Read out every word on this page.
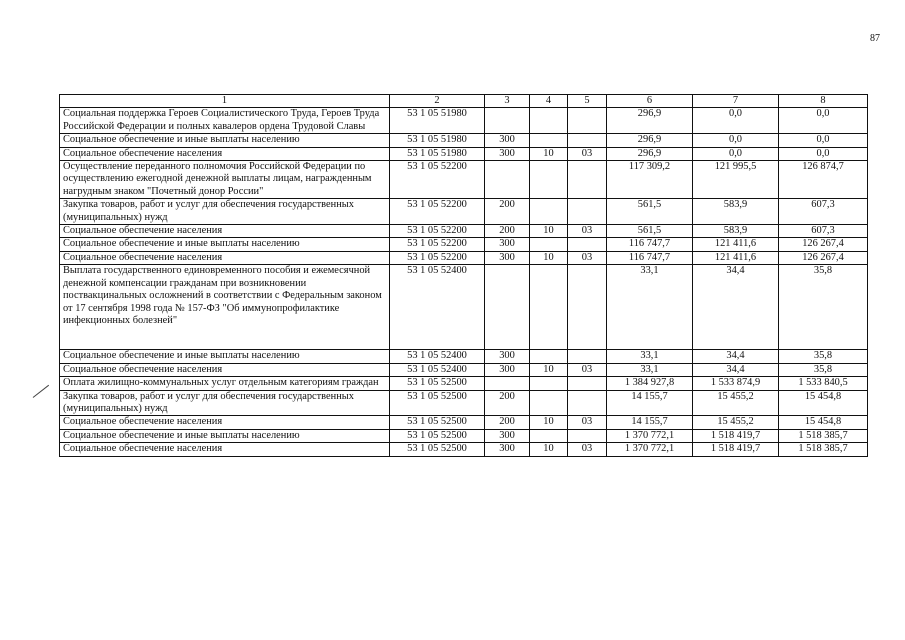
87
1	2	3	4	5	6	7	8
Социальная поддержка Героев Социалистического Труда, Героев Труда Российской Федерации и полных кавалеров ордена Трудовой Славы	53 1 05 51980				296,9	0,0	0,0
Социальное обеспечение и иные выплаты населению	53 1 05 51980	300			296,9	0,0	0,0
Социальное обеспечение населения	53 1 05 51980	300	10	03	296,9	0,0	0,0
Осуществление переданного полномочия Российской Федерации по осуществлению ежегодной денежной выплаты лицам, награжденным нагрудным знаком "Почетный донор России"	53 1 05 52200				117 309,2	121 995,5	126 874,7
Закупка товаров, работ и услуг для обеспечения государственных (муниципальных) нужд	53 1 05 52200	200			561,5	583,9	607,3
Социальное обеспечение населения	53 1 05 52200	200	10	03	561,5	583,9	607,3
Социальное обеспечение и иные выплаты населению	53 1 05 52200	300			116 747,7	121 411,6	126 267,4
Социальное обеспечение населения	53 1 05 52200	300	10	03	116 747,7	121 411,6	126 267,4
Выплата государственного единовременного пособия и ежемесячной денежной компенсации гражданам при возникновении поствакцинальных осложнений в соответствии с Федеральным законом от 17 сентября 1998 года № 157-ФЗ "Об иммунопрофилактике инфекционных болезней"	53 1 05 52400				33,1	34,4	35,8
Социальное обеспечение и иные выплаты населению	53 1 05 52400	300			33,1	34,4	35,8
Социальное обеспечение населения	53 1 05 52400	300	10	03	33,1	34,4	35,8
Оплата жилищно-коммунальных услуг отдельным категориям граждан	53 1 05 52500				1 384 927,8	1 533 874,9	1 533 840,5
Закупка товаров, работ и услуг для обеспечения государственных (муниципальных) нужд	53 1 05 52500	200			14 155,7	15 455,2	15 454,8
Социальное обеспечение населения	53 1 05 52500	200	10	03	14 155,7	15 455,2	15 454,8
Социальное обеспечение и иные выплаты населению	53 1 05 52500	300			1 370 772,1	1 518 419,7	1 518 385,7
Социальное обеспечение населения	53 1 05 52500	300	10	03	1 370 772,1	1 518 419,7	1 518 385,7
